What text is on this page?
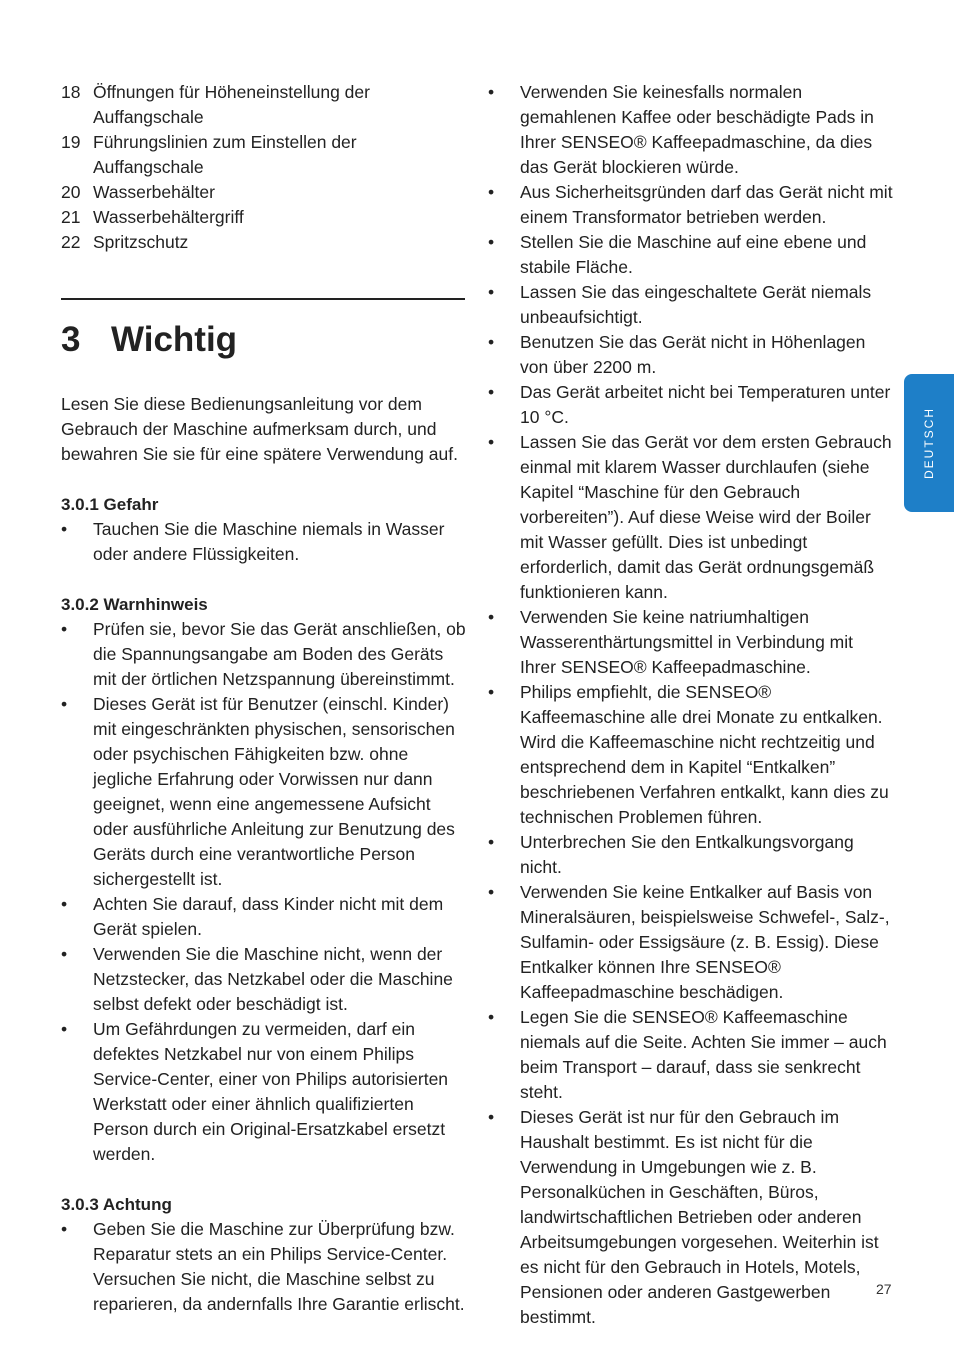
18 Öffnungen für Höheneinstellung der Auffangschale
19 Führungslinien zum Einstellen der Auffangschale
20 Wasserbehälter
21 Wasserbehältergriff
22 Spritzschutz
3 Wichtig
Lesen Sie diese Bedienungsanleitung vor dem Gebrauch der Maschine aufmerksam durch, und bewahren Sie sie für eine spätere Verwendung auf.
3.0.1 Gefahr
•	Tauchen Sie die Maschine niemals in Wasser oder andere Flüssigkeiten.
3.0.2 Warnhinweis
•	Prüfen sie, bevor Sie das Gerät anschließen, ob die Spannungsangabe am Boden des Geräts mit der örtlichen Netzspannung übereinstimmt.
•	Dieses Gerät ist für Benutzer (einschl. Kinder) mit eingeschränkten physischen, sensorischen oder psychischen Fähigkeiten bzw. ohne jegliche Erfahrung oder Vorwissen nur dann geeignet, wenn eine angemessene Aufsicht oder ausführliche Anleitung zur Benutzung des Geräts durch eine verantwortliche Person sichergestellt ist.
•	Achten Sie darauf, dass Kinder nicht mit dem Gerät spielen.
•	Verwenden Sie die Maschine nicht, wenn der Netzstecker, das Netzkabel oder die Maschine selbst defekt oder beschädigt ist.
•	Um Gefährdungen zu vermeiden, darf ein defektes Netzkabel nur von einem Philips Service-Center, einer von Philips autorisierten Werkstatt oder einer ähnlich qualifizierten Person durch ein Original-Ersatzkabel ersetzt werden.
3.0.3 Achtung
•	Geben Sie die Maschine zur Überprüfung bzw. Reparatur stets an ein Philips Service-Center. Versuchen Sie nicht, die Maschine selbst zu reparieren, da andernfalls Ihre Garantie erlischt.
•	Verwenden Sie keinesfalls normalen gemahlenen Kaffee oder beschädigte Pads in Ihrer SENSEO® Kaffeepadmaschine, da dies das Gerät blockieren würde.
•	Aus Sicherheitsgründen darf das Gerät nicht mit einem Transformator betrieben werden.
•	Stellen Sie die Maschine auf eine ebene und stabile Fläche.
•	Lassen Sie das eingeschaltete Gerät niemals unbeaufsichtigt.
•	Benutzen Sie das Gerät nicht in Höhenlagen von über 2200 m.
•	Das Gerät arbeitet nicht bei Temperaturen unter 10 °C.
•	Lassen Sie das Gerät vor dem ersten Gebrauch einmal mit klarem Wasser durchlaufen (siehe Kapitel “Maschine für den Gebrauch vorbereiten”). Auf diese Weise wird der Boiler mit Wasser gefüllt. Dies ist unbedingt erforderlich, damit das Gerät ordnungsgemäß funktionieren kann.
•	Verwenden Sie keine natriumhaltigen Wasserenthärtungsmittel in Verbindung mit Ihrer SENSEO® Kaffeepadmaschine.
•	Philips empfiehlt, die SENSEO® Kaffeemaschine alle drei Monate zu entkalken. Wird die Kaffeemaschine nicht rechtzeitig und entsprechend dem in Kapitel “Entkalken” beschriebenen Verfahren entkalkt, kann dies zu technischen Problemen führen.
•	Unterbrechen Sie den Entkalkungsvorgang nicht.
•	Verwenden Sie keine Entkalker auf Basis von Mineralsäuren, beispielsweise Schwefel-, Salz-, Sulfamin- oder Essigsäure (z. B. Essig). Diese Entkalker können Ihre SENSEO® Kaffeepadmaschine beschädigen.
•	Legen Sie die SENSEO® Kaffeemaschine niemals auf die Seite. Achten Sie immer – auch beim Transport – darauf, dass sie senkrecht steht.
•	Dieses Gerät ist nur für den Gebrauch im Haushalt bestimmt. Es ist nicht für die Verwendung in Umgebungen wie z. B. Personalküchen in Geschäften, Büros, landwirtschaftlichen Betrieben oder anderen Arbeitsumgebungen vorgesehen. Weiterhin ist es nicht für den Gebrauch in Hotels, Motels, Pensionen oder anderen Gastgewerben bestimmt.
DEUTSCH
27
